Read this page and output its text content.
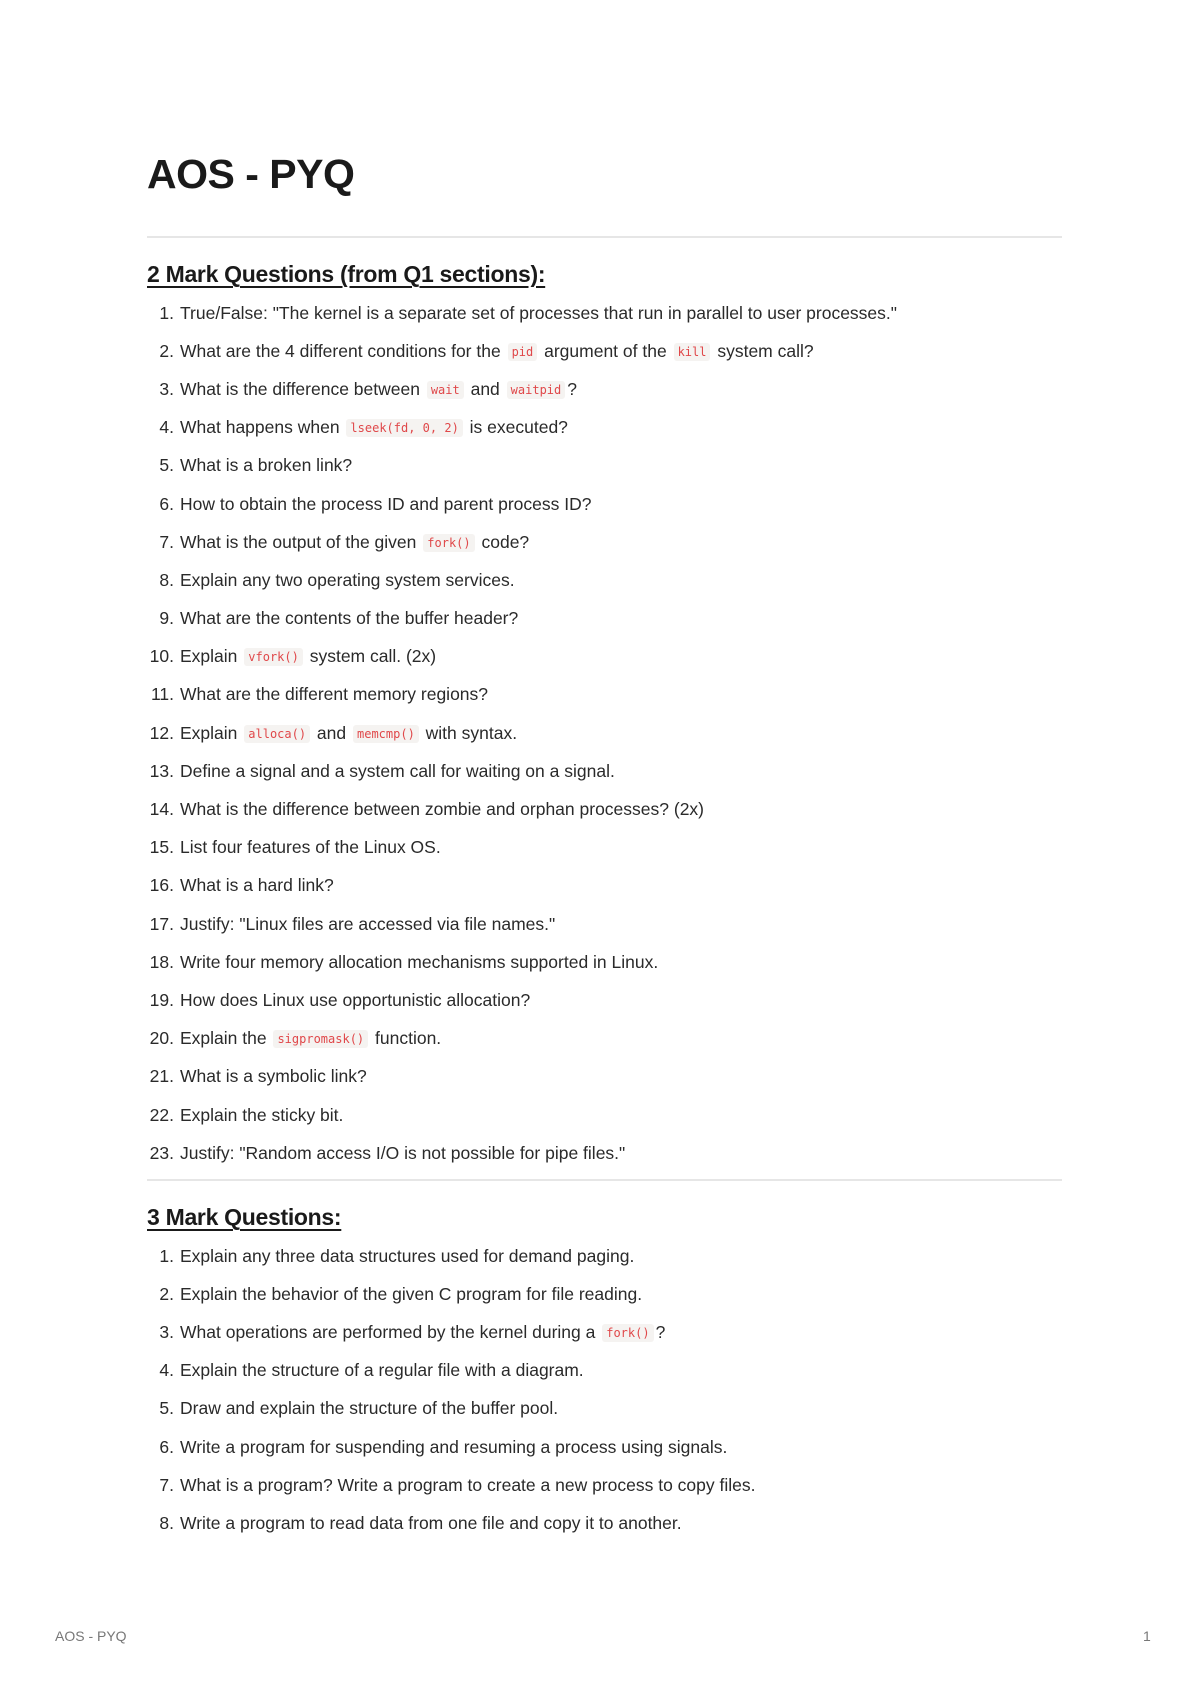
AOS - PYQ
2 Mark Questions (from Q1 sections):
1. True/False: "The kernel is a separate set of processes that run in parallel to user processes."
2. What are the 4 different conditions for the pid argument of the kill system call?
3. What is the difference between wait and waitpid ?
4. What happens when lseek(fd, 0, 2) is executed?
5. What is a broken link?
6. How to obtain the process ID and parent process ID?
7. What is the output of the given fork() code?
8. Explain any two operating system services.
9. What are the contents of the buffer header?
10. Explain vfork() system call. (2x)
11. What are the different memory regions?
12. Explain alloca() and memcmp() with syntax.
13. Define a signal and a system call for waiting on a signal.
14. What is the difference between zombie and orphan processes? (2x)
15. List four features of the Linux OS.
16. What is a hard link?
17. Justify: "Linux files are accessed via file names."
18. Write four memory allocation mechanisms supported in Linux.
19. How does Linux use opportunistic allocation?
20. Explain the sigpromask() function.
21. What is a symbolic link?
22. Explain the sticky bit.
23. Justify: "Random access I/O is not possible for pipe files."
3 Mark Questions:
1. Explain any three data structures used for demand paging.
2. Explain the behavior of the given C program for file reading.
3. What operations are performed by the kernel during a fork() ?
4. Explain the structure of a regular file with a diagram.
5. Draw and explain the structure of the buffer pool.
6. Write a program for suspending and resuming a process using signals.
7. What is a program? Write a program to create a new process to copy files.
8. Write a program to read data from one file and copy it to another.
AOS - PYQ	1
